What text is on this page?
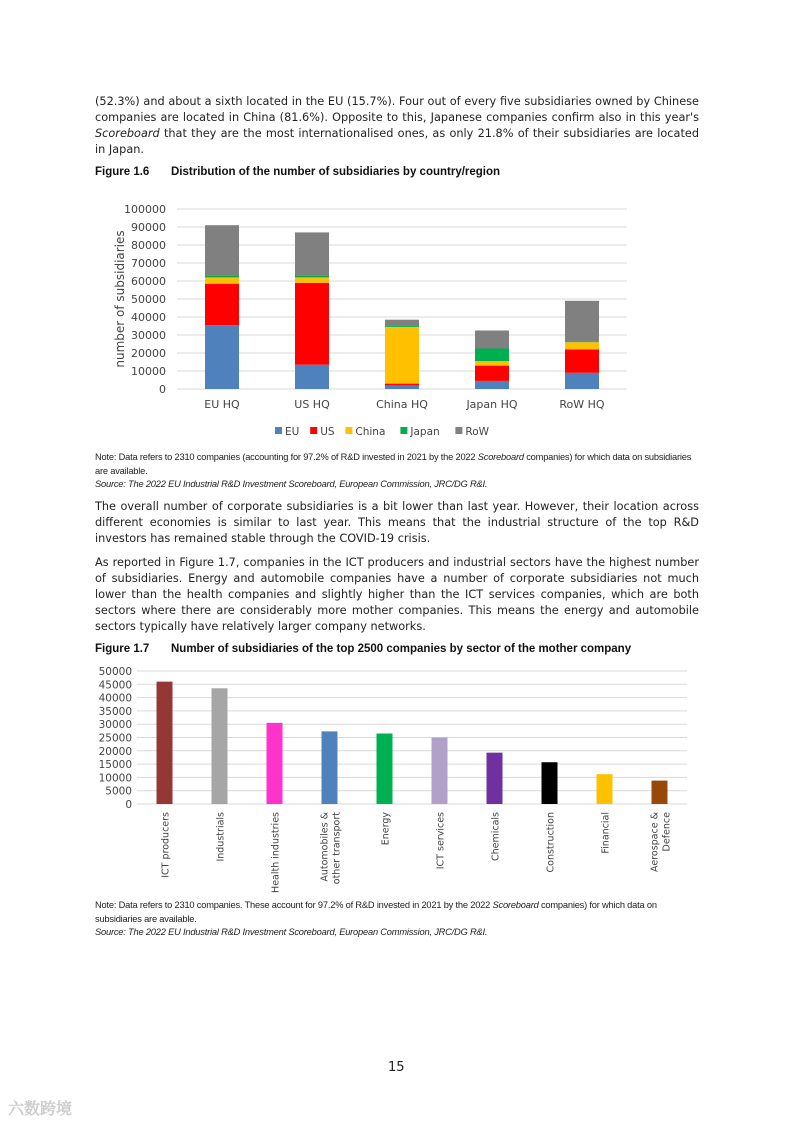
(52.3%) and about a sixth located in the EU (15.7%). Four out of every five subsidiaries owned by Chinese companies are located in China (81.6%). Opposite to this, Japanese companies confirm also in this year's Scoreboard that they are the most internationalised ones, as only 21.8% of their subsidiaries are located in Japan.
Figure 1.6 Distribution of the number of subsidiaries by country/region
0
10000
20000
30000
40000
50000
60000
70000
80000
90000
100000
number of subsidiaries
EU HQ	US HQ	China HQ	Japan HQ	RoW HQ
EU US China Japan RoW
Note: Data refers to 2310 companies (accounting for 97.2% of R&D invested in 2021 by the 2022 Scoreboard companies) for which data on subsidiaries are available.
Source: The 2022 EU Industrial R&D Investment Scoreboard, European Commission, JRC/DG R&I.
The overall number of corporate subsidiaries is a bit lower than last year. However, their location across different economies is similar to last year. This means that the industrial structure of the top R&D investors has remained stable through the COVID-19 crisis.
As reported in Figure 1.7, companies in the ICT producers and industrial sectors have the highest number of subsidiaries. Energy and automobile companies have a number of corporate subsidiaries not much lower than the health companies and slightly higher than the ICT services companies, which are both sectors where there are considerably more mother companies. This means the energy and automobile sectors typically have relatively larger company networks.
Figure 1.7 Number of subsidiaries of the top 2500 companies by sector of the mother company
0
5000
10000
15000
20000
25000
30000
35000
40000
45000
50000
ICT producers	Industrials	Health industries	Automobiles & other transport	Energy	ICT services	Chemicals	Construction	Financial	Aerospace & Defence
Note: Data refers to 2310 companies. These account for 97.2% of R&D invested in 2021 by the 2022 Scoreboard companies) for which data on subsidiaries are available.
Source: The 2022 EU Industrial R&D Investment Scoreboard, European Commission, JRC/DG R&I.
15
六数跨境
